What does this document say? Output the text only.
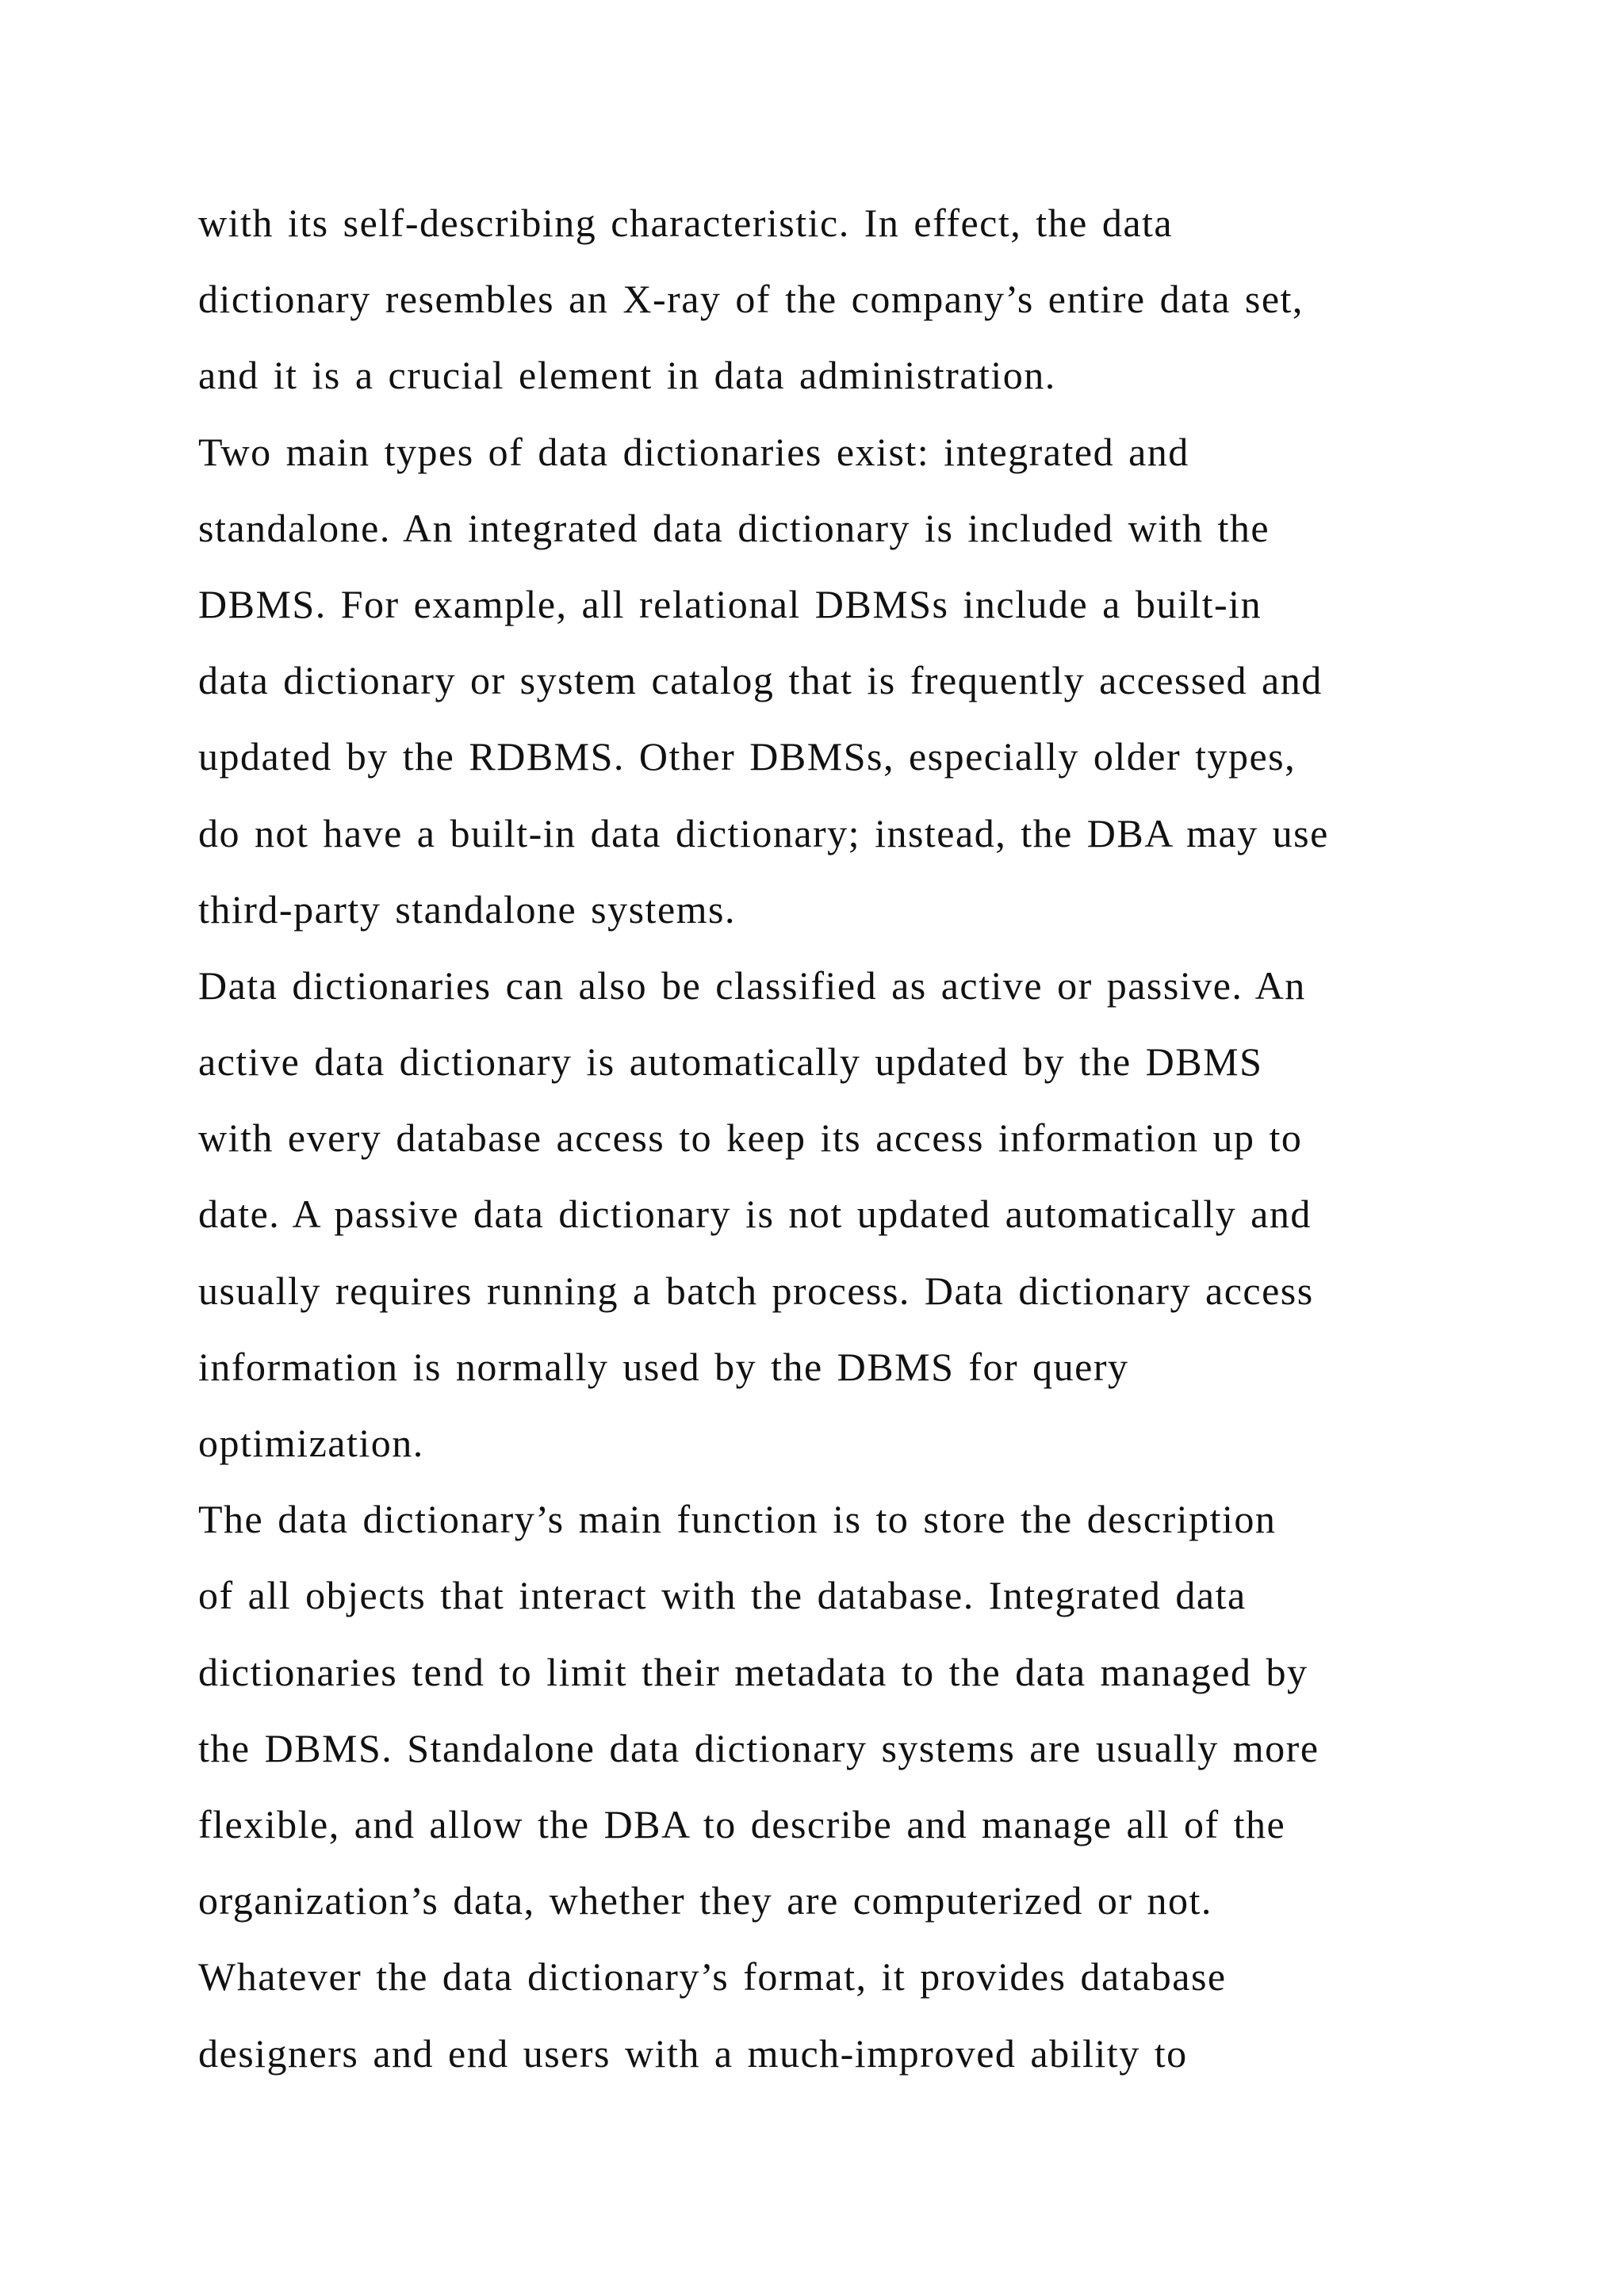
with its self-describing characteristic. In effect, the data
dictionary resembles an X-ray of the company’s entire data set,
and it is a crucial element in data administration.
Two main types of data dictionaries exist: integrated and
standalone. An integrated data dictionary is included with the
DBMS. For example, all relational DBMSs include a built-in
data dictionary or system catalog that is frequently accessed and
updated by the RDBMS. Other DBMSs, especially older types,
do not have a built-in data dictionary; instead, the DBA may use
third-party standalone systems.
Data dictionaries can also be classified as active or passive. An
active data dictionary is automatically updated by the DBMS
with every database access to keep its access information up to
date. A passive data dictionary is not updated automatically and
usually requires running a batch process. Data dictionary access
information is normally used by the DBMS for query
optimization.
The data dictionary’s main function is to store the description
of all objects that interact with the database. Integrated data
dictionaries tend to limit their metadata to the data managed by
the DBMS. Standalone data dictionary systems are usually more
flexible, and allow the DBA to describe and manage all of the
organization’s data, whether they are computerized or not.
Whatever the data dictionary’s format, it provides database
designers and end users with a much-improved ability to
